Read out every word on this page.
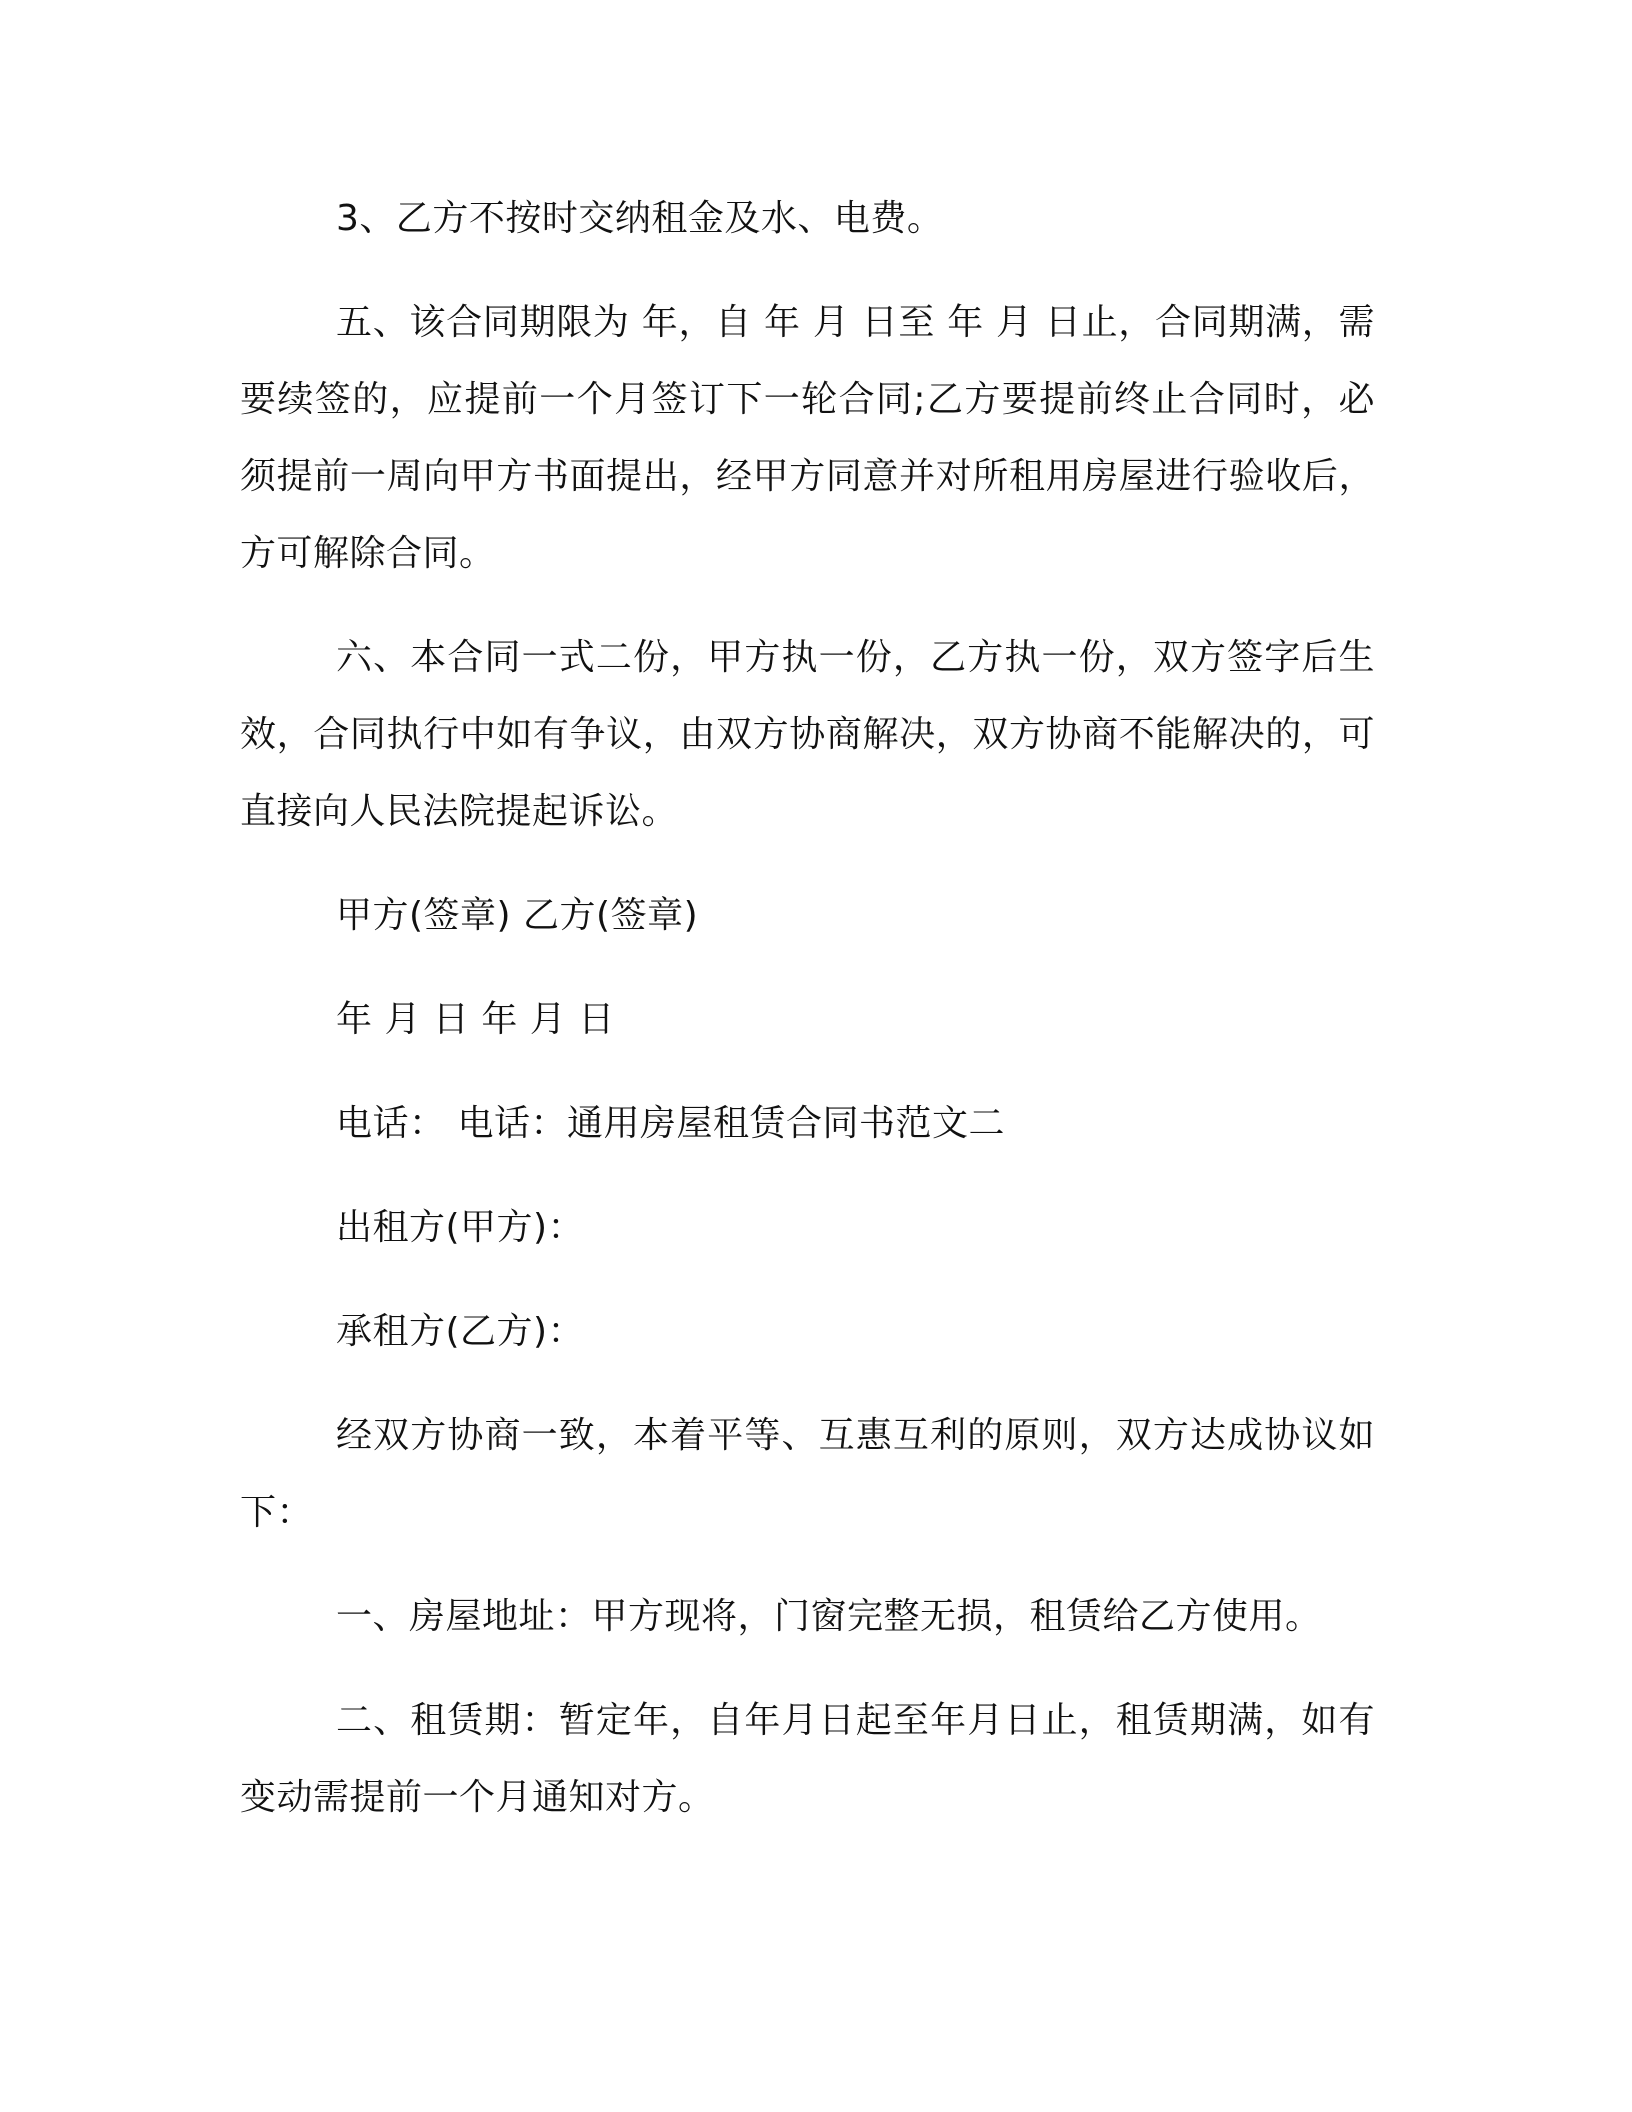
3、乙方不按时交纳租金及水、电费。

五、该合同期限为 年，自 年 月 日至 年 月 日止，合同期满，需要续签的，应提前一个月签订下一轮合同;乙方要提前终止合同时，必须提前一周向甲方书面提出，经甲方同意并对所租用房屋进行验收后，方可解除合同。

六、本合同一式二份，甲方执一份，乙方执一份，双方签字后生效，合同执行中如有争议，由双方协商解决，双方协商不能解决的，可直接向人民法院提起诉讼。

甲方(签章) 乙方(签章)

年 月 日 年 月 日

电话： 电话：通用房屋租赁合同书范文二

出租方(甲方)：

承租方(乙方)：

经双方协商一致，本着平等、互惠互利的原则，双方达成协议如下：

一、房屋地址：甲方现将，门窗完整无损，租赁给乙方使用。

二、租赁期：暂定年，自年月日起至年月日止，租赁期满，如有变动需提前一个月通知对方。
